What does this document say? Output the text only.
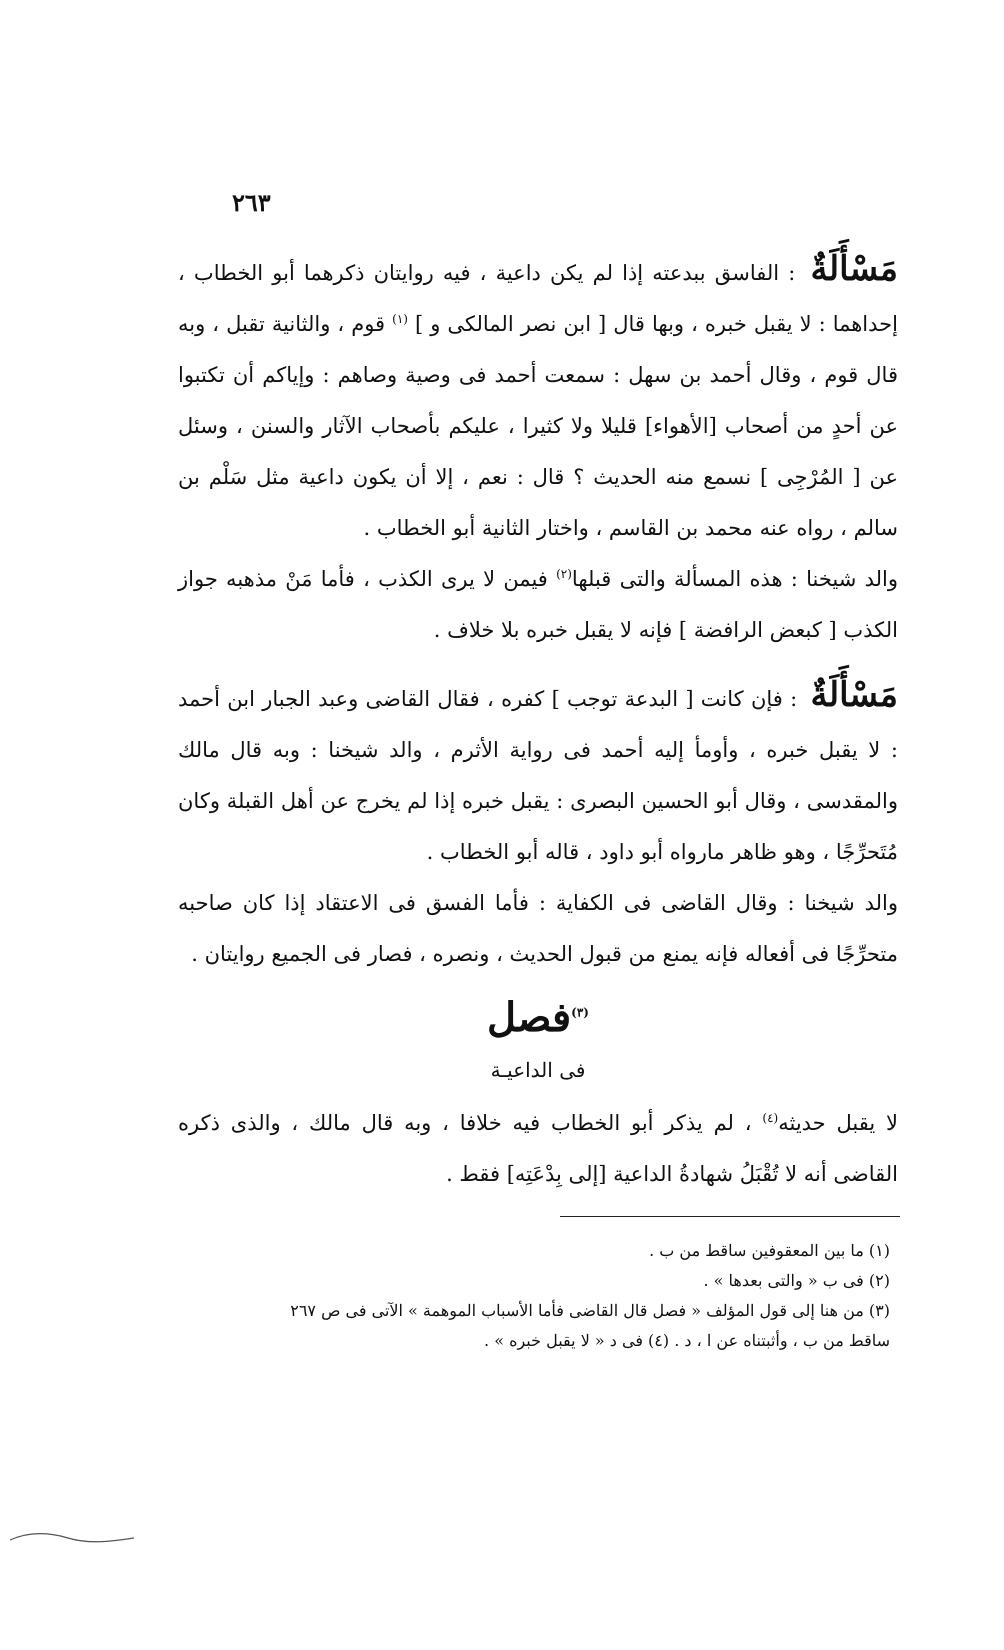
٢٦٣

مَسْأَلَةٌ : الفاسق ببدعته إذا لم يكن داعية ، فيه روايتان ذكرهما أبو الخطاب ، إحداهما : لا يقبل خبره ، وبها قال [ ابن نصر المالكى و ] $^{(١)}$ قوم ، والثانية تقبل ، وبه قال قوم ، وقال أحمد بن سهل : سمعت أحمد فى وصية وصاهم : وإياكم أن تكتبوا عن أحدٍ من أصحاب [الأهواء] قليلا ولا كثيرا ، عليكم بأصحاب الآثار والسنن ، وسئل عن [ المُرْجِى ] نسمع منه الحديث ؟ قال : نعم ، إلا أن يكون داعية مثل سَلْم بن سالم ، رواه عنه محمد بن القاسم ، واختار الثانية أبو الخطاب .

والد شيخنا : هذه المسألة والتى قبلها$^{(٢)}$ فيمن لا يرى الكذب ، فأما مَنْ مذهبه جواز الكذب [ كبعض الرافضة ] فإنه لا يقبل خبره بلا خلاف .

مَسْأَلَةٌ : فإن كانت [ البدعة توجب ] كفره ، فقال القاضى وعبد الجبار ابن أحمد : لا يقبل خبره ، وأومأ إليه أحمد فى رواية الأثرم ، والد شيخنا : وبه قال مالك والمقدسى ، وقال أبو الحسين البصرى : يقبل خبره إذا لم يخرج عن أهل القبلة وكان مُتَحرِّجًا ، وهو ظاهر مارواه أبو داود ، قاله أبو الخطاب .

والد شيخنا : وقال القاضى فى الكفاية : فأما الفسق فى الاعتقاد إذا كان صاحبه متحرِّجًا فى أفعاله فإنه يمنع من قبول الحديث ، ونصره ، فصار فى الجميع روايتان .

$^{(٣)}$فصل
فى الداعيـة

لا يقبل حديثه$^{(٤)}$ ، لم يذكر أبو الخطاب فيه خلافا ، وبه قال مالك ، والذى ذكره القاضى أنه لا تُقْبَلُ شهادةُ الداعية [إلى بِدْعَتِه] فقط .

(١) ما بين المعقوفين ساقط من ب .

(٢) فى ب « والتى بعدها » .

(٣) من هنا إلى قول المؤلف « فصل قال القاضى فأما الأسباب الموهمة » الآتى فى ص ٢٦٧

ساقط من ب ، وأثبتناه عن ا ، د . (٤) فى د « لا يقبل خبره » .
